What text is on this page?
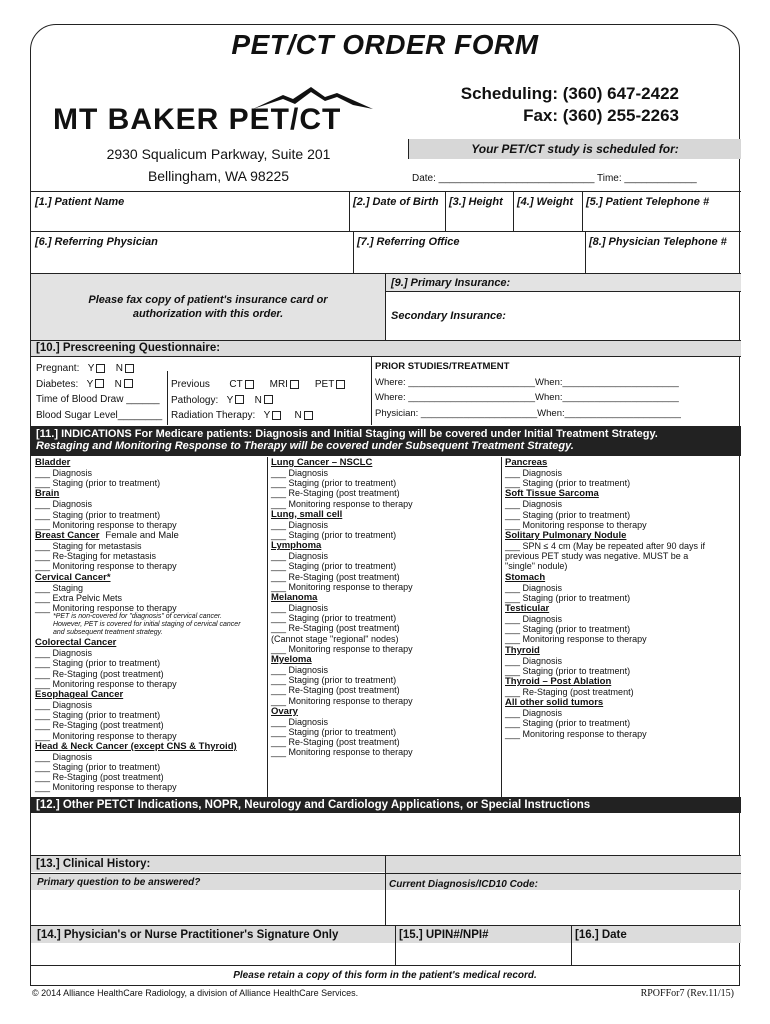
PET/CT ORDER FORM
MT BAKER PET/CT
Scheduling: (360) 647-2422
Fax: (360) 255-2263
2930 Squalicum Parkway, Suite 201
Bellingham, WA 98225
Your PET/CT study is scheduled for:
Date: ____________________________ Time: _____________
[1.] Patient Name	[2.] Date of Birth [3.] Height	[4.] Weight	[5.] Patient Telephone #
[6.] Referring Physician	[7.] Referring Office	[8.] Physician Telephone #
Please fax copy of patient's insurance card or
authorization with this order.
[9.] Primary Insurance:
Secondary Insurance:
[10.] Prescreening Questionnaire:
Pregnant: Y N
Diabetes: Y N
Time of Blood Draw ______
Blood Sugar Level________
Previous CT	MRI	PET
Pathology: Y N
Radiation Therapy: Y N
PRIOR STUDIES/TREATMENT
Where: ________________________When:______________________
Where: ________________________When:______________________
Physician: ______________________When:______________________
[11.] INDICATIONS For Medicare patients: Diagnosis and Initial Staging will be covered under Initial Treatment Strategy.
Restaging and Monitoring Response to Therapy will be covered under Subsequent Treatment Strategy.
Bladder
___ Diagnosis
___ Staging (prior to treatment)
Brain
___ Diagnosis
___ Staging (prior to treatment)
___ Monitoring response to therapy
Breast Cancer Female and Male
___ Staging for metastasis
___ Re-Staging for metastasis
___ Monitoring response to therapy
Cervical Cancer*
___ Staging
___ Extra Pelvic Mets
___ Monitoring response to therapy
*PET is non-covered for "diagnosis" of cervical cancer.
However, PET is covered for initial staging of cervical cancer
and subsequent treatment strategy.
Colorectal Cancer
___ Diagnosis
___ Staging (prior to treatment)
___ Re-Staging (post treatment)
___ Monitoring response to therapy
Esophageal Cancer
___ Diagnosis
___ Staging (prior to treatment)
___ Re-Staging (post treatment)
___ Monitoring response to therapy
Head & Neck Cancer (except CNS & Thyroid)
___ Diagnosis
___ Staging (prior to treatment)
___ Re-Staging (post treatment)
___ Monitoring response to therapy
Lung Cancer – NSCLC
___ Diagnosis
___ Staging (prior to treatment)
___ Re-Staging (post treatment)
___ Monitoring response to therapy
Lung, small cell
___ Diagnosis
___ Staging (prior to treatment)
Lymphoma
___ Diagnosis
___ Staging (prior to treatment)
___ Re-Staging (post treatment)
___ Monitoring response to therapy
Melanoma
___ Diagnosis
___ Staging (prior to treatment)
___ Re-Staging (post treatment)
(Cannot stage "regional" nodes)
___ Monitoring response to therapy
Myeloma
___ Diagnosis
___ Staging (prior to treatment)
___ Re-Staging (post treatment)
___ Monitoring response to therapy
Ovary
___ Diagnosis
___ Staging (prior to treatment)
___ Re-Staging (post treatment)
___ Monitoring response to therapy
Pancreas
___ Diagnosis
___ Staging (prior to treatment)
Soft Tissue Sarcoma
___ Diagnosis
___ Staging (prior to treatment)
___ Monitoring response to therapy
Solitary Pulmonary Nodule
___ SPN ≤ 4 cm (May be repeated after 90 days if
previous PET study was negative. MUST be a
"single" nodule)
Stomach
___ Diagnosis
___ Staging (prior to treatment)
Testicular
___ Diagnosis
___ Staging (prior to treatment)
___ Monitoring response to therapy
Thyroid
___ Diagnosis
___ Staging (prior to treatment)
Thyroid – Post Ablation
___ Re-Staging (post treatment)
All other solid tumors
___ Diagnosis
___ Staging (prior to treatment)
___ Monitoring response to therapy
[12.] Other PETCT Indications, NOPR, Neurology and Cardiology Applications, or Special Instructions
[13.] Clinical History:
Primary question to be answered?	Current Diagnosis/ICD10 Code:
[14.] Physician's or Nurse Practitioner's Signature Only	[15.] UPIN#/NPI#	[16.] Date
Please retain a copy of this form in the patient's medical record.
© 2014 Alliance HealthCare Radiology, a division of Alliance HealthCare Services.	RPOFFor7 (Rev.11/15)
